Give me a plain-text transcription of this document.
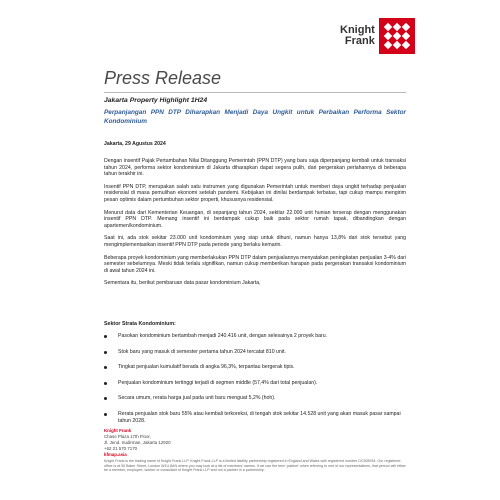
Knight
Frank
Press Release
Jakarta Property Highlight 1H24
Perpanjangan PPN DTP Diharapkan Menjadi Daya Ungkit untuk Perbaikan Performa Sektor Kondominium
Jakarta, 29 Agustus 2024

Dengan insentif Pajak Pertambahan Nilai Ditanggung Pemerintah (PPN DTP) yang baru saja diperpanjang kembali untuk transaksi tahun 2024, performa sektor kondominium di Jakarta diharapkan dapat segera pulih, dari pergerakan perlahannya di beberapa tahun terakhir ini.

Insentif PPN DTP, merupakan salah satu instrumen yang digunakan Pemerintah untuk memberi daya ungkit terhadap penjualan residensial di masa pemulihan ekonomi setelah pandemi. Kebijakan ini dinilai berdampak terbatas, tapi cukup mampu mengirim pesan optimis dalam pertumbuhan sektor properti, khususnya residensial.

Menurut data dari Kementerian Keuangan, di sepanjang tahun 2024, sekitar 22.000 unit hunian terserap dengan menggunakan insentif PPN DTP. Memang insentif ini berdampak cukup baik pada sektor rumah tapak, dibandingkan dengan apartemen/kondominium.

Saat ini, ada stok sekitar 23.000 unit kondominium yang siap untuk dihuni, namun hanya 13,8% dari stok tersebut yang mengimplementasikan insentif PPN DTP pada periode yang berlaku kemarin.

Beberapa proyek kondominium yang memberlakukan PPN DTP dalam penjualannya menyatakan peningkatan penjualan 3-4% dari semester sebelumnya. Meski tidak terlalu signifikan, namun cukup memberikan harapan pada pergerakan transaksi kondominium di awal tahun 2024 ini.

Sementara itu, berikut pembaruan data pasar kondominium Jakarta,

Sektor Strata Kondominium:
Pasokan kondominium bertambah menjadi 240.416 unit, dengan selesainya 2 proyek baru.
Stok baru yang masuk di semester pertama tahun 2024 tercatat 810 unit.
Tingkat penjualan kumulatif berada di angka 96,3%, terpantau bergerak tipis.
Penjualan kondominium tertinggi terjadi di segmen middle (57,4% dari total penjualan).
Secara umum, rerata harga jual pada unit baru menguat 5,2% (hoh).
Rerata penjualan stok baru 55% atau kembali terkoreksi, di tengah stok sekitar 14.528 unit yang akan masuk pasar sampai tahun 2028.
Knight Frank
Chase Plaza 17th Floor,
Jl. Jend. Sudirman, Jakarta 12920
+62 21 570 7170
kfmap.asia
Knight Frank is the trading name of Knight Frank LLP. Knight Frank LLP is a limited liability partnership registered in England and Wales with registered number OC305934. Our registered office is at 55 Baker Street, London W1U 8AN where you may look at a list of members' names. If we use the term 'partner' when referring to one of our representatives, that person will either be a member, employee, worker or consultant of Knight Frank LLP and not a partner in a partnership.
